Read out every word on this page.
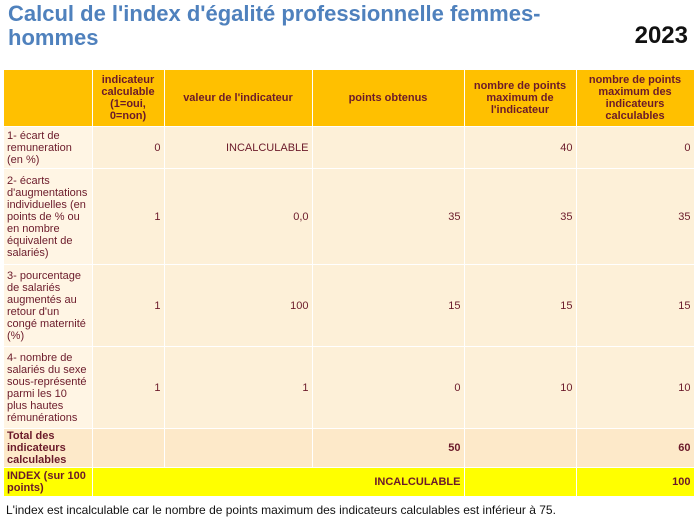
Calcul de l'index d'égalité professionnelle femmes-hommes	2023
	indicateur calculable (1=oui, 0=non)	valeur de l'indicateur	points obtenus	nombre de points maximum de l'indicateur	nombre de points maximum des indicateurs calculables
1- écart de remuneration (en %)	0	INCALCULABLE		40	0
2- écarts d'augmentations individuelles (en points de % ou en nombre équivalent de salariés)	1	0,0	35	35	35
3- pourcentage de salariés augmentés au retour d'un congé maternité (%)	1	100	15	15	15
4- nombre de salariés du sexe sous-représenté parmi les 10 plus hautes rémunérations	1	1	0	10	10
Total des indicateurs calculables			50		60
INDEX (sur 100 points)	INCALCULABLE				100
L'index est incalculable car le nombre de points maximum des indicateurs calculables est inférieur à 75.
